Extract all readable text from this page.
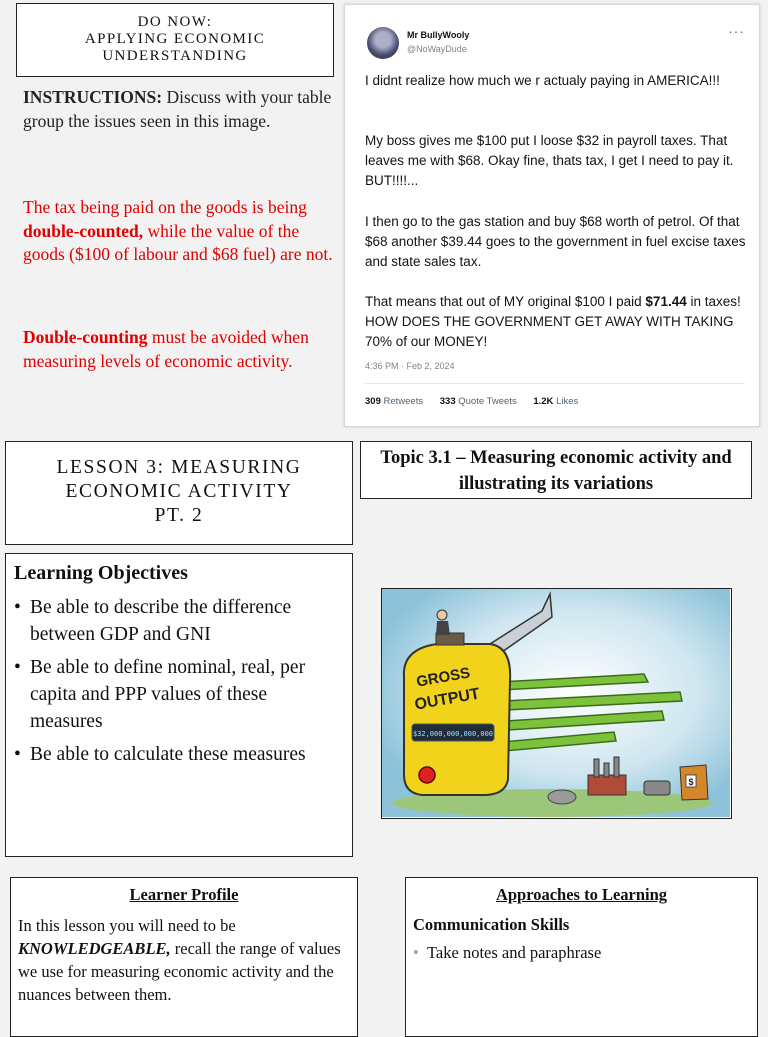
DO NOW:
APPLYING ECONOMIC
UNDERSTANDING
INSTRUCTIONS: Discuss with your table group the issues seen in this image.
The tax being paid on the goods is being double-counted, while the value of the goods ($100 of labour and $68 fuel) are not.
Double-counting must be avoided when measuring levels of economic activity.
Mr BullyWooly
@NoWayDude
···
I didnt realize how much we r actualy paying in AMERICA!!!
My boss gives me $100 put I loose $32 in payroll taxes. That leaves me with $68. Okay fine, thats tax, I get I need to pay it. BUT!!!!...
I then go to the gas station and buy $68 worth of petrol. Of that $68 another $39.44 goes to the government in fuel excise taxes and state sales tax.
That means that out of MY original $100 I paid $71.44 in taxes! HOW DOES THE GOVERNMENT GET AWAY WITH TAKING 70% of our MONEY!
4:36 PM · Feb 2, 2024
309 Retweets 333 Quote Tweets 1.2K Likes
LESSON 3: MEASURING
ECONOMIC ACTIVITY
PT. 2
Topic 3.1 – Measuring economic activity and illustrating its variations
Learning Objectives
• Be able to describe the difference between GDP and GNI
• Be able to define nominal, real, per capita and PPP values of these measures
• Be able to calculate these measures
$32,000,000,000,000
GROSS
OUTPUT
$
Learner Profile
In this lesson you will need to be KNOWLEDGEABLE, recall the range of values we use for measuring economic activity and the nuances between them.
Approaches to Learning
Communication Skills
• Take notes and paraphrase
